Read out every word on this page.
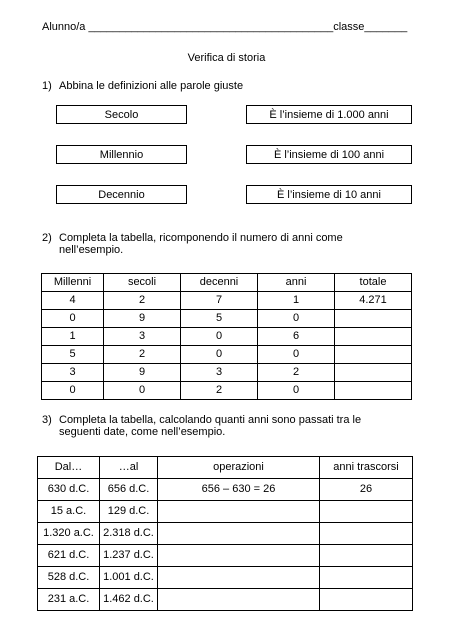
Alunno/a ________________________________________classe_______
Verifica di storia
1) Abbina le definizioni alle parole giuste
Secolo
Millennio
Decennio
È l’insieme di 1.000 anni
È l’insieme di 100 anni
È l’insieme di 10 anni
2) Completa la tabella, ricomponendo il numero di anni come nell’esempio.
Millenni	secoli	decenni	anni	totale
4	2	7	1	4.271
0	9	5	0	
1	3	0	6	
5	2	0	0	
3	9	3	2	
0	0	2	0	
3) Completa la tabella, calcolando quanti anni sono passati tra le seguenti date, come nell’esempio.
Dal…	…al	operazioni	anni trascorsi
630 d.C.	656 d.C.	656 – 630 = 26	26
15 a.C.	129 d.C.		
1.320 a.C.	2.318 d.C.		
621 d.C.	1.237 d.C.		
528 d.C.	1.001 d.C.		
231 a.C.	1.462 d.C.		
